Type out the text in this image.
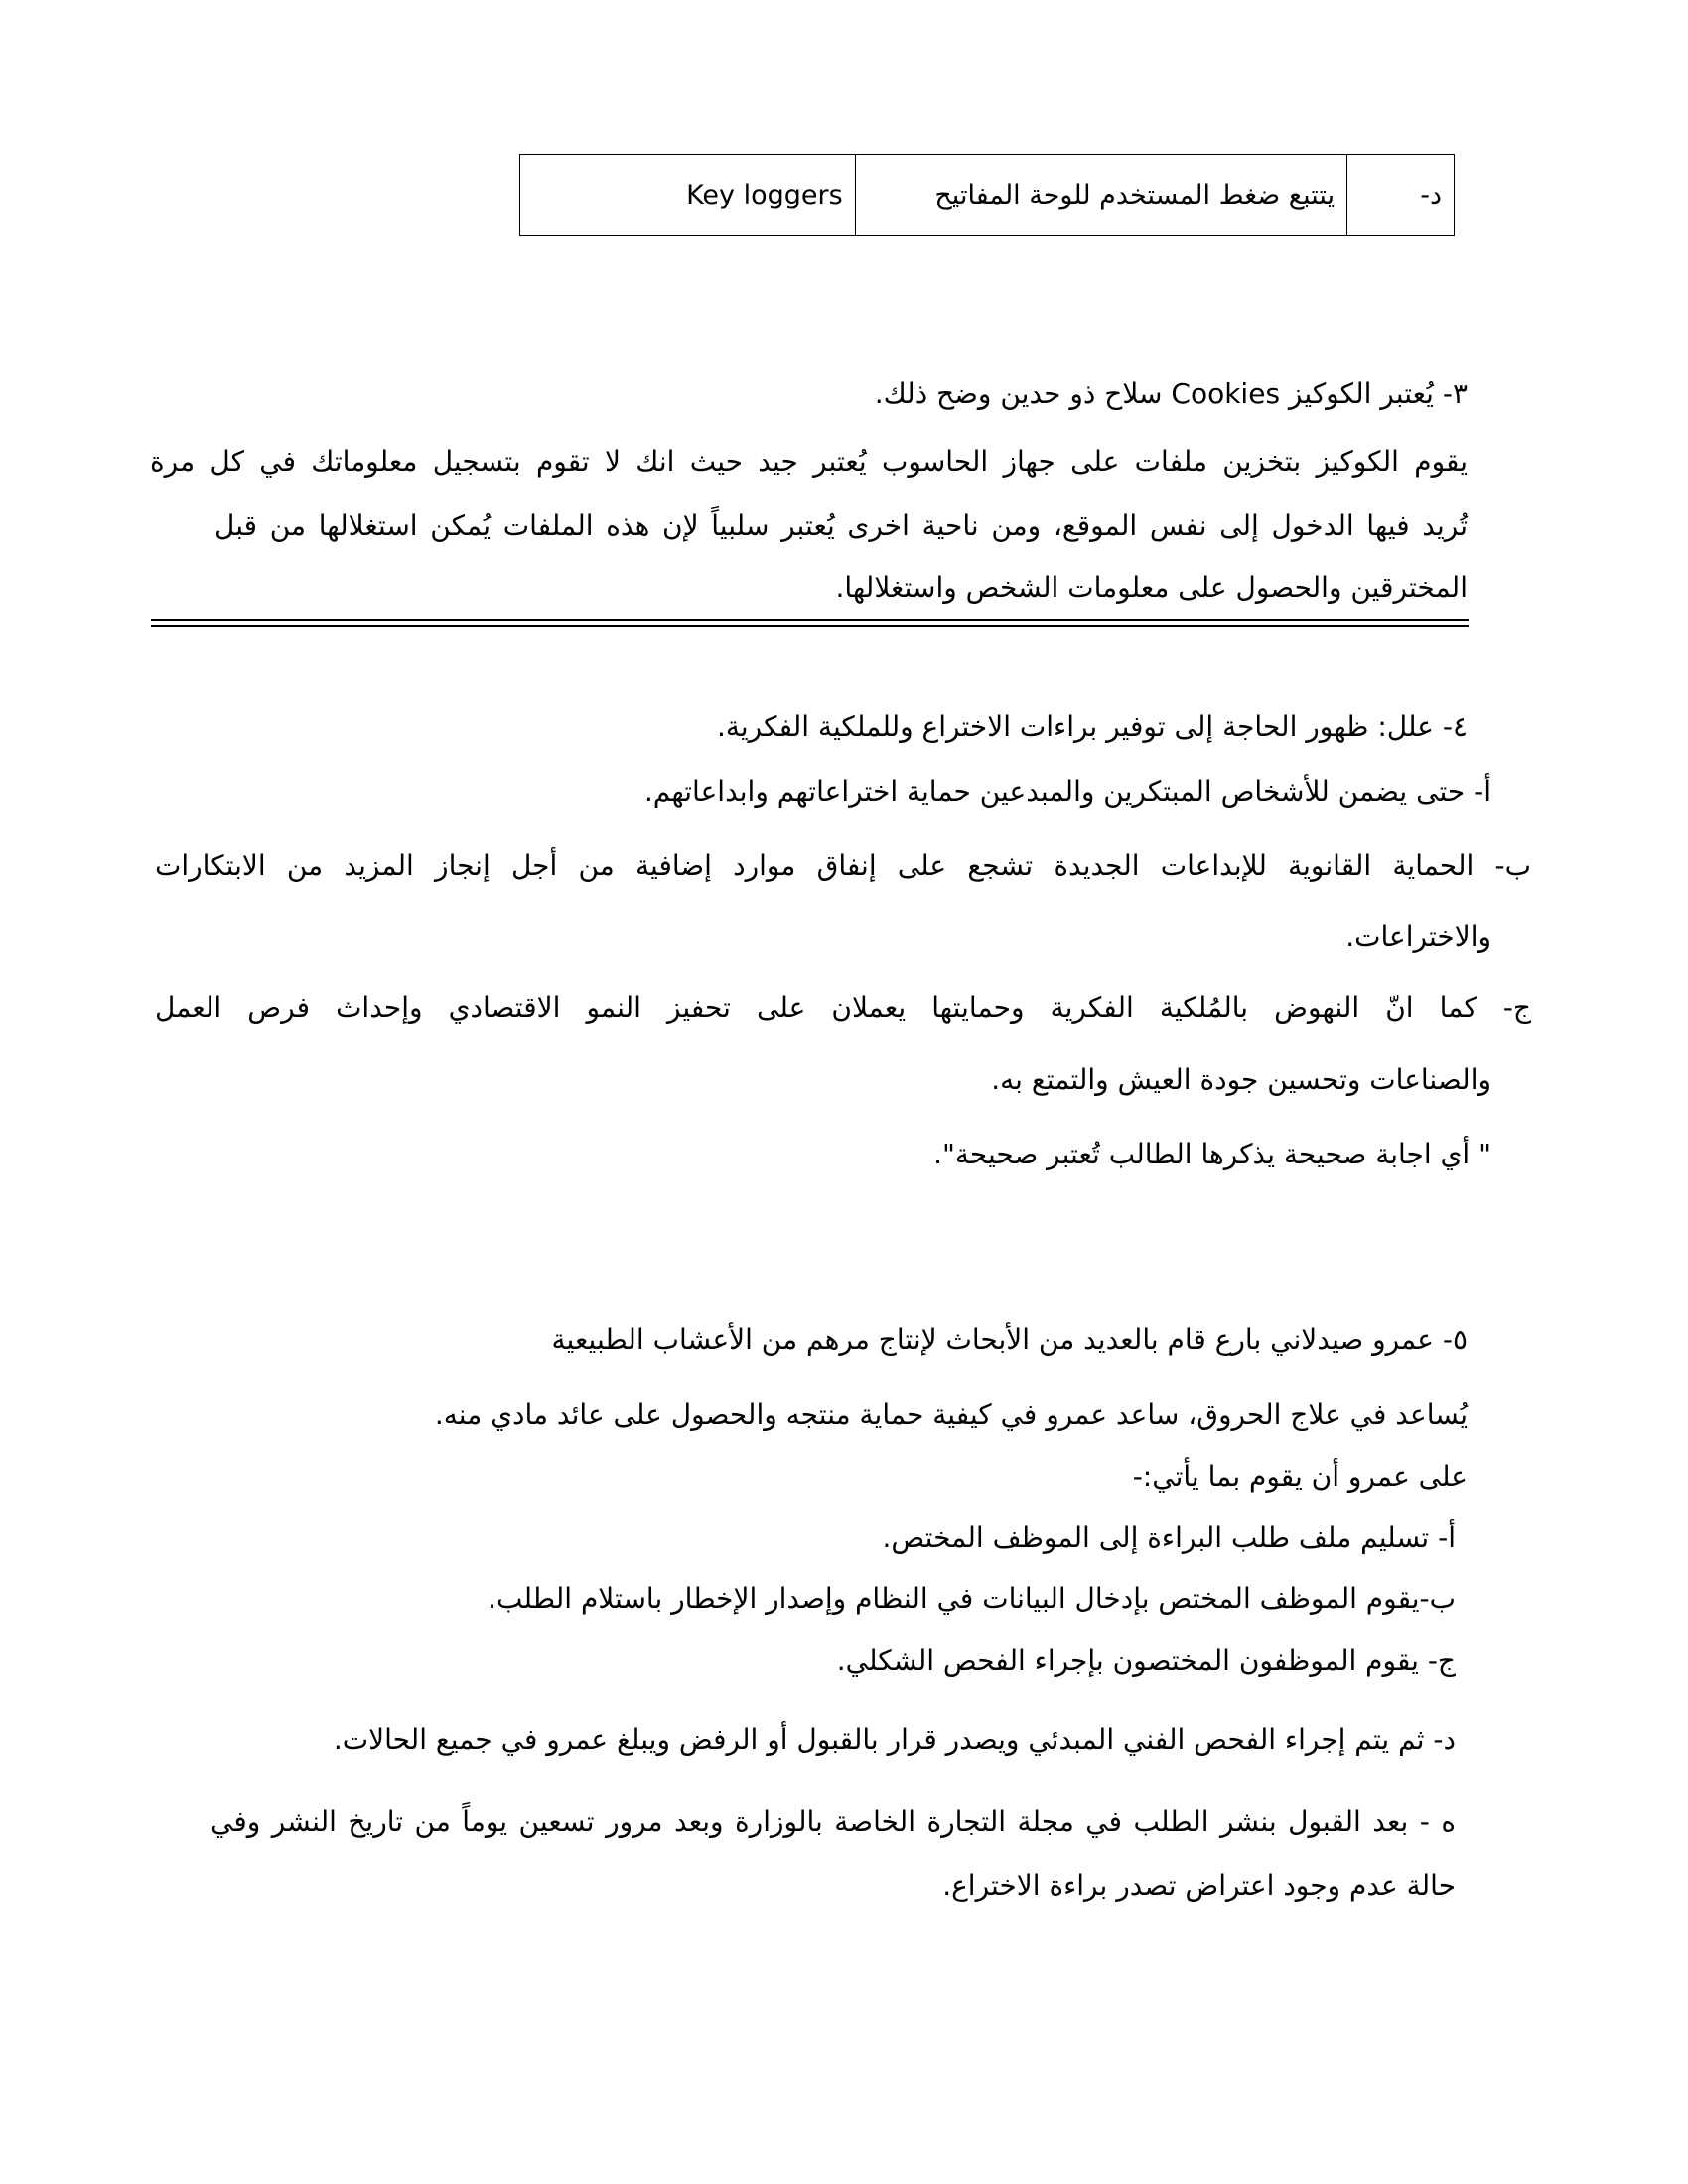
د-	يتتبع ضغط المستخدم للوحة المفاتيح	Key loggers
٣- يُعتبر الكوكيز Cookies سلاح ذو حدين وضح ذلك.
يقوم الكوكيز بتخزين ملفات على جهاز الحاسوب يُعتبر جيد حيث انك لا تقوم بتسجيل معلوماتك في كل مرة
تُريد فيها الدخول إلى نفس الموقع، ومن ناحية اخرى يُعتبر سلبياً لإن هذه الملفات يُمكن استغلالها من قبل
المخترقين والحصول على معلومات الشخص واستغلالها.
٤- علل: ظهور الحاجة إلى توفير براءات الاختراع وللملكية الفكرية.
أ- حتى يضمن للأشخاص المبتكرين والمبدعين حماية اختراعاتهم وابداعاتهم.
ب- الحماية القانوية للإبداعات الجديدة تشجع على إنفاق موارد إضافية من أجل إنجاز المزيد من الابتكارات
والاختراعات.
ج- كما انّ النهوض بالمُلكية الفكرية وحمايتها يعملان على تحفيز النمو الاقتصادي وإحداث فرص العمل
والصناعات وتحسين جودة العيش والتمتع به.
" أي اجابة صحيحة يذكرها الطالب تُعتبر صحيحة".
٥- عمرو صيدلاني بارع قام بالعديد من الأبحاث لإنتاج مرهم من الأعشاب الطبيعية
يُساعد في علاج الحروق، ساعد عمرو في كيفية حماية منتجه والحصول على عائد مادي منه.
على عمرو أن يقوم بما يأتي:-
أ- تسليم ملف طلب البراءة إلى الموظف المختص.
ب-يقوم الموظف المختص بإدخال البيانات في النظام وإصدار الإخطار باستلام الطلب.
ج- يقوم الموظفون المختصون بإجراء الفحص الشكلي.
د- ثم يتم إجراء الفحص الفني المبدئي ويصدر قرار بالقبول أو الرفض ويبلغ عمرو في جميع الحالات.
ه - بعد القبول بنشر الطلب في مجلة التجارة الخاصة بالوزارة وبعد مرور تسعين يوماً من تاريخ النشر وفي
حالة عدم وجود اعتراض تصدر براءة الاختراع.
